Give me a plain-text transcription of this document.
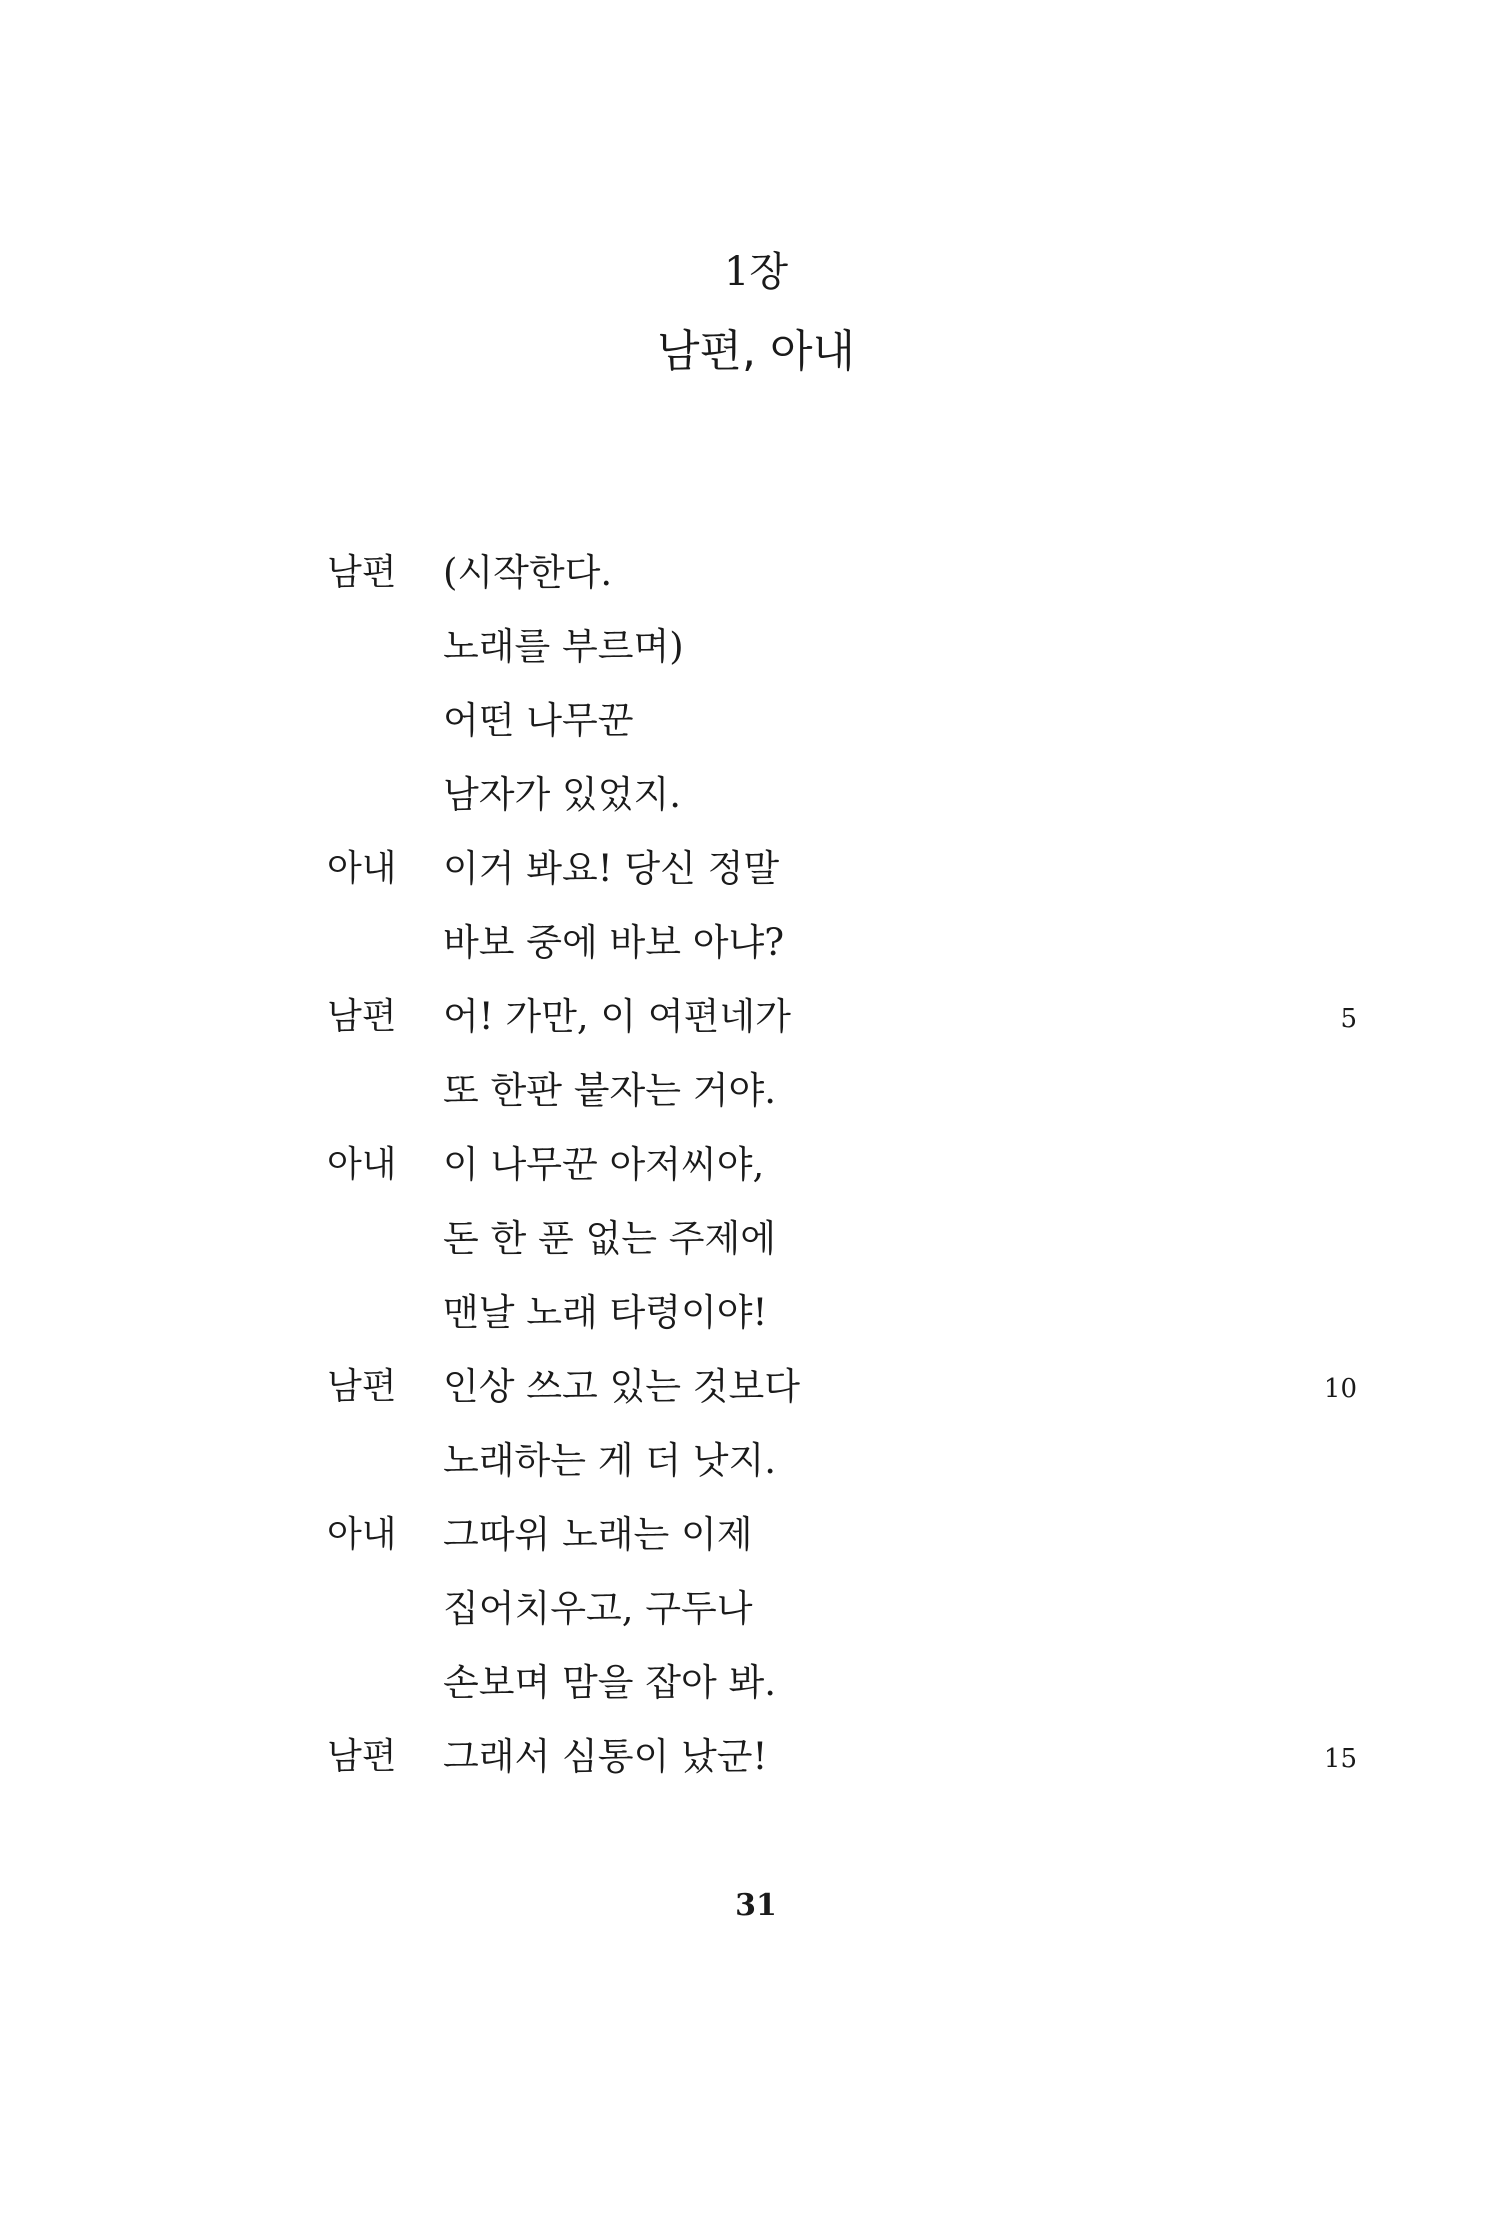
1장
남편, 아내
남편	(시작한다.
노래를 부르며)
어떤 나무꾼
남자가 있었지.
아내	이거 봐요! 당신 정말
바보 중에 바보 아냐?
남편	어! 가만, 이 여편네가	5
또 한판 붙자는 거야.
아내	이 나무꾼 아저씨야,
돈 한 푼 없는 주제에
맨날 노래 타령이야!
남편	인상 쓰고 있는 것보다	10
노래하는 게 더 낫지.
아내	그따위 노래는 이제
집어치우고, 구두나
손보며 맘을 잡아 봐.
남편	그래서 심통이 났군!	15
31
